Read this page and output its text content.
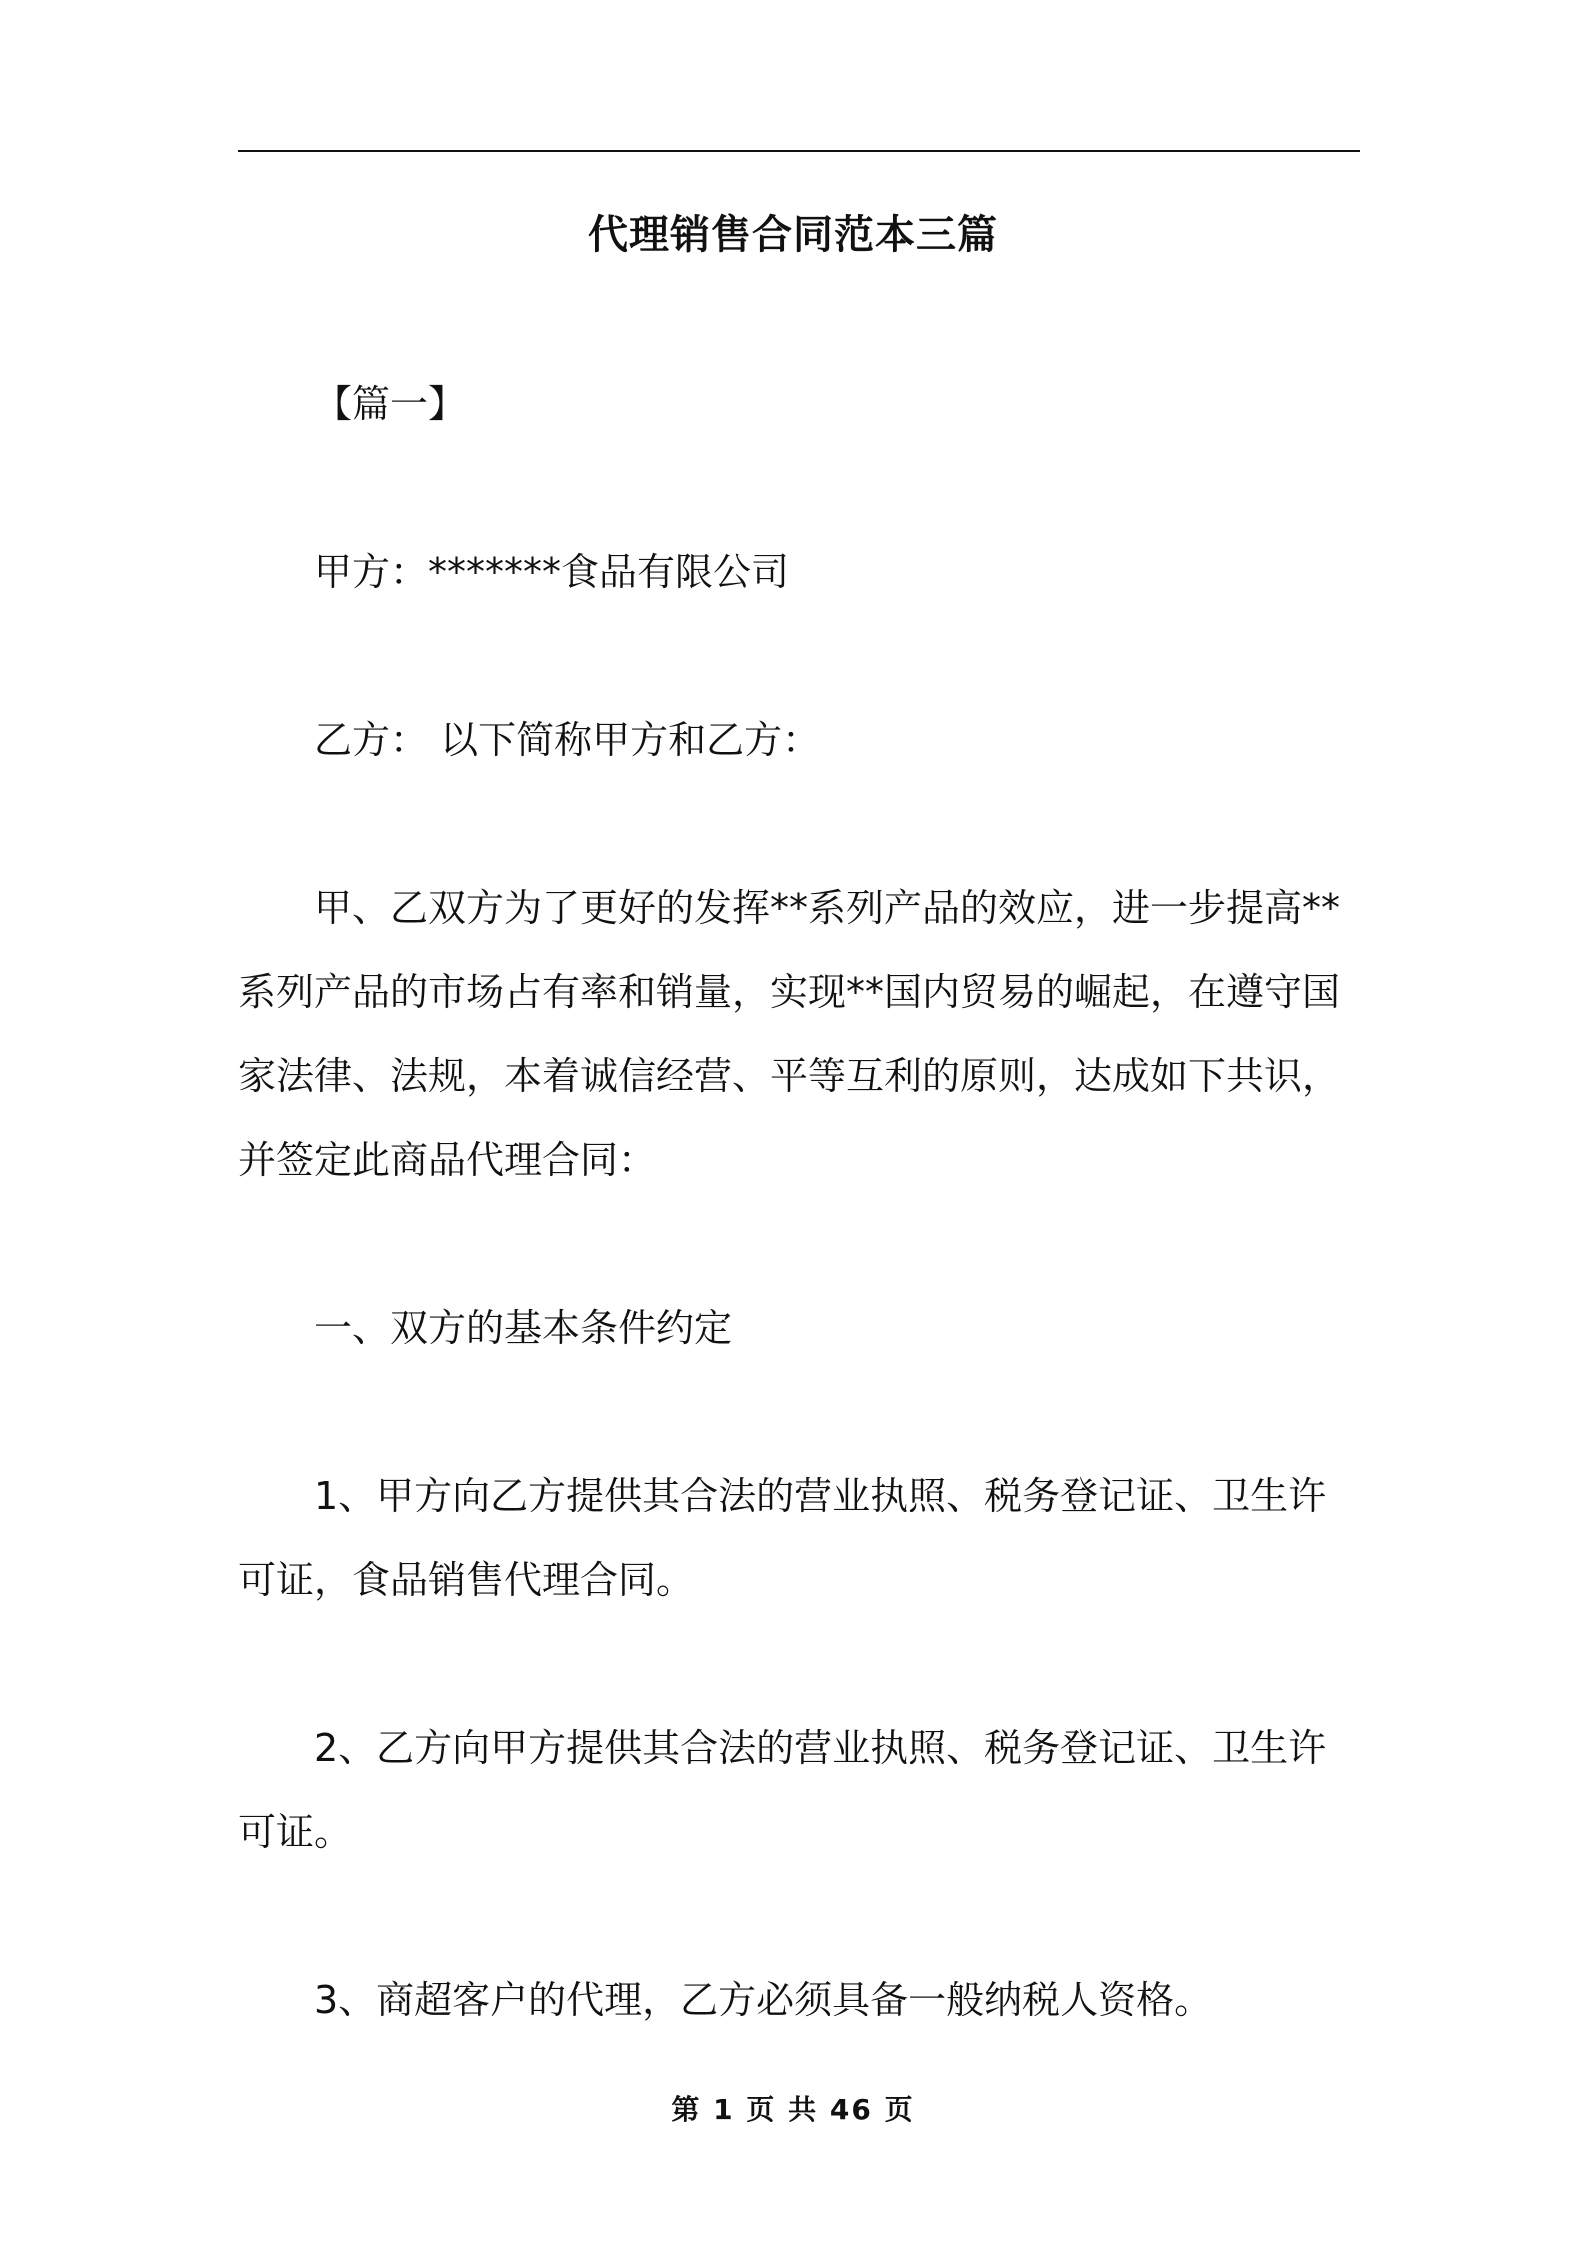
代理销售合同范本三篇

【篇一】

甲方：*******食品有限公司

乙方： 以下简称甲方和乙方：

甲、乙双方为了更好的发挥**系列产品的效应，进一步提高**系列产品的市场占有率和销量，实现**国内贸易的崛起，在遵守国家法律、法规，本着诚信经营、平等互利的原则，达成如下共识，并签定此商品代理合同：

一、双方的基本条件约定

1、甲方向乙方提供其合法的营业执照、税务登记证、卫生许可证，食品销售代理合同。

2、乙方向甲方提供其合法的营业执照、税务登记证、卫生许可证。

3、商超客户的代理，乙方必须具备一般纳税人资格。

第 1 页 共 46 页
